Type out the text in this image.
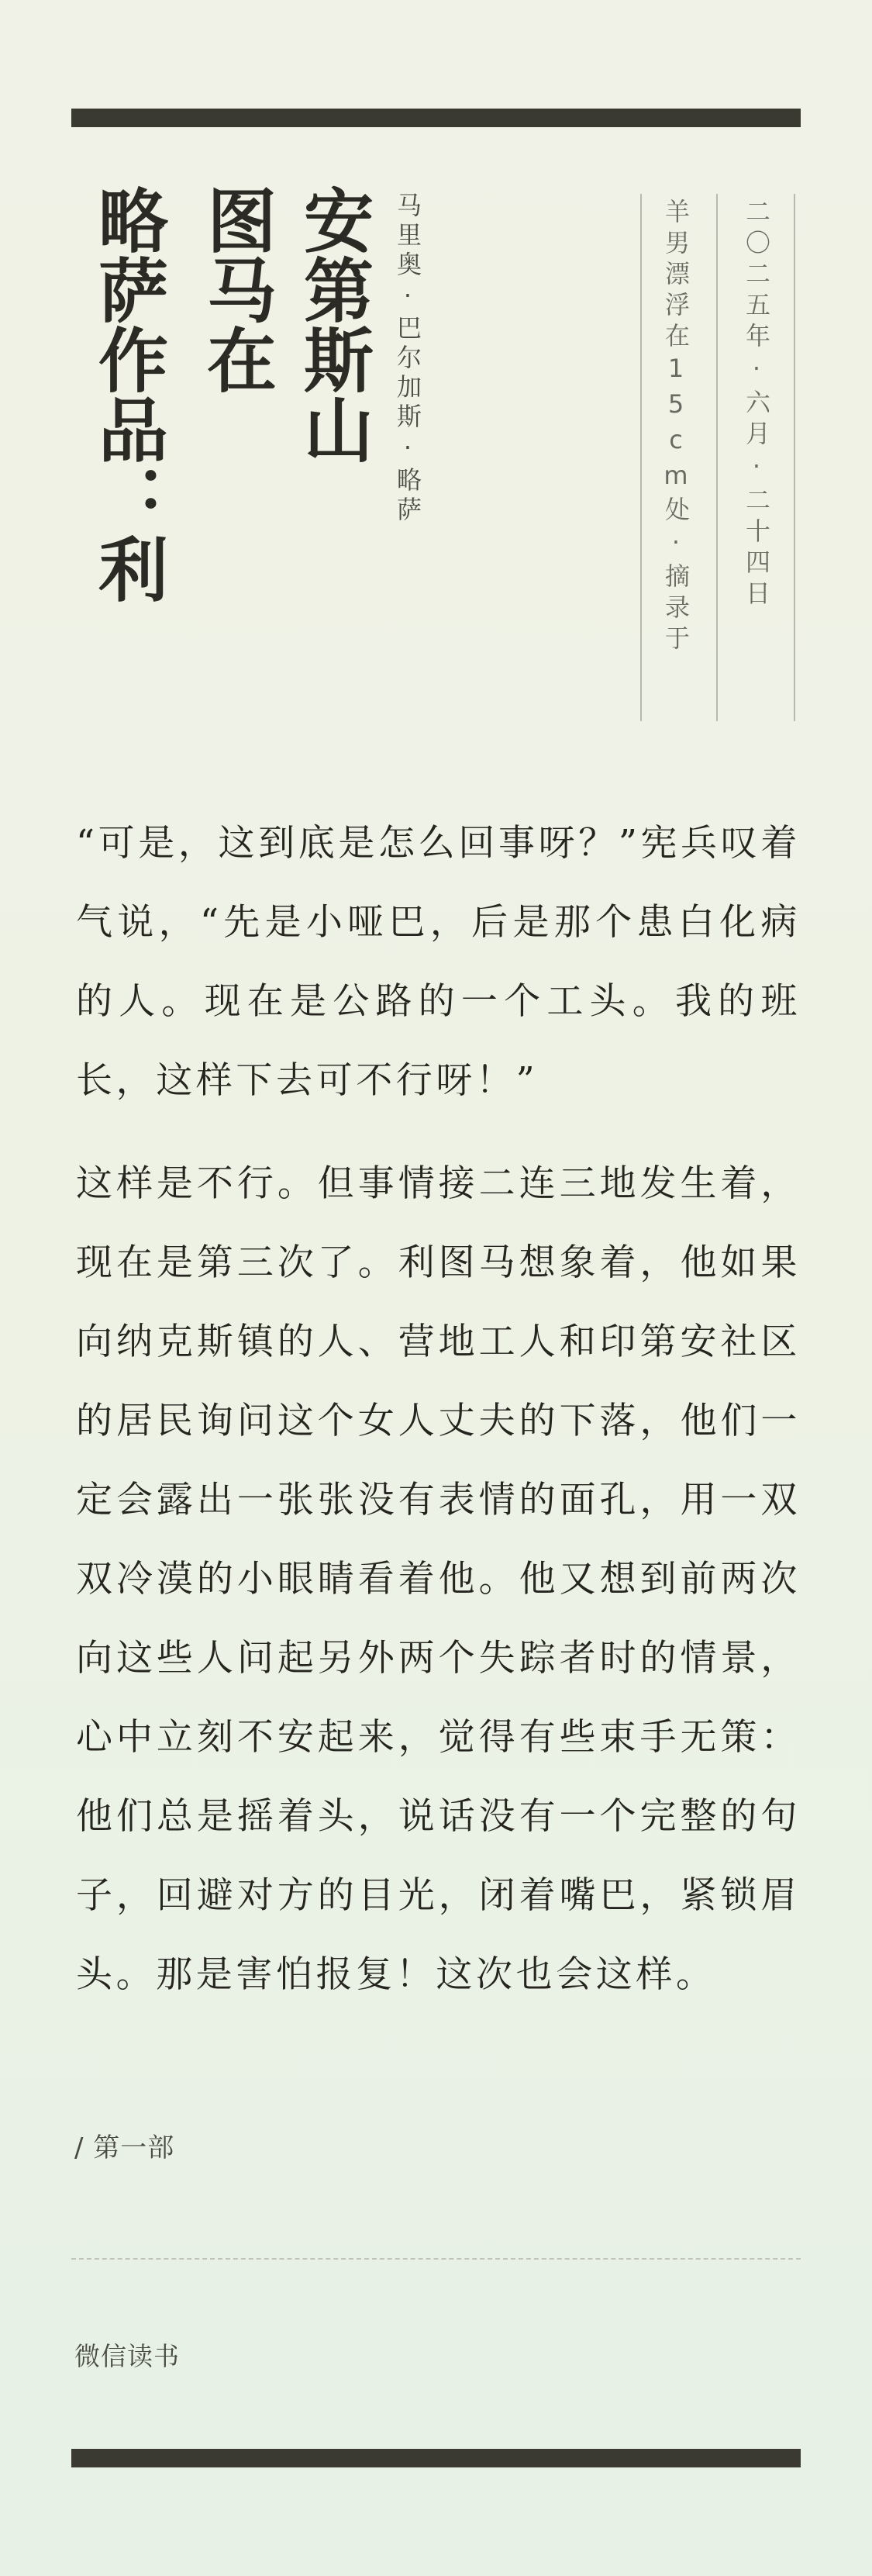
安第斯山
图马在
略萨作品：利	马里奥·巴尔加斯·略萨	羊男漂浮在15cm处·摘录于 二〇二五年·六月·二十四日

“可是，这到底是怎么回事呀？”宪兵叹着气说，“先是小哑巴，后是那个患白化病的人。现在是公路的一个工头。我的班长，这样下去可不行呀！”

这样是不行。但事情接二连三地发生着，现在是第三次了。利图马想象着，他如果向纳克斯镇的人、营地工人和印第安社区的居民询问这个女人丈夫的下落，他们一定会露出一张张没有表情的面孔，用一双双冷漠的小眼睛看着他。他又想到前两次向这些人问起另外两个失踪者时的情景，心中立刻不安起来，觉得有些束手无策：他们总是摇着头，说话没有一个完整的句子，回避对方的目光，闭着嘴巴，紧锁眉头。那是害怕报复！这次也会这样。

/ 第一部
微信读书
